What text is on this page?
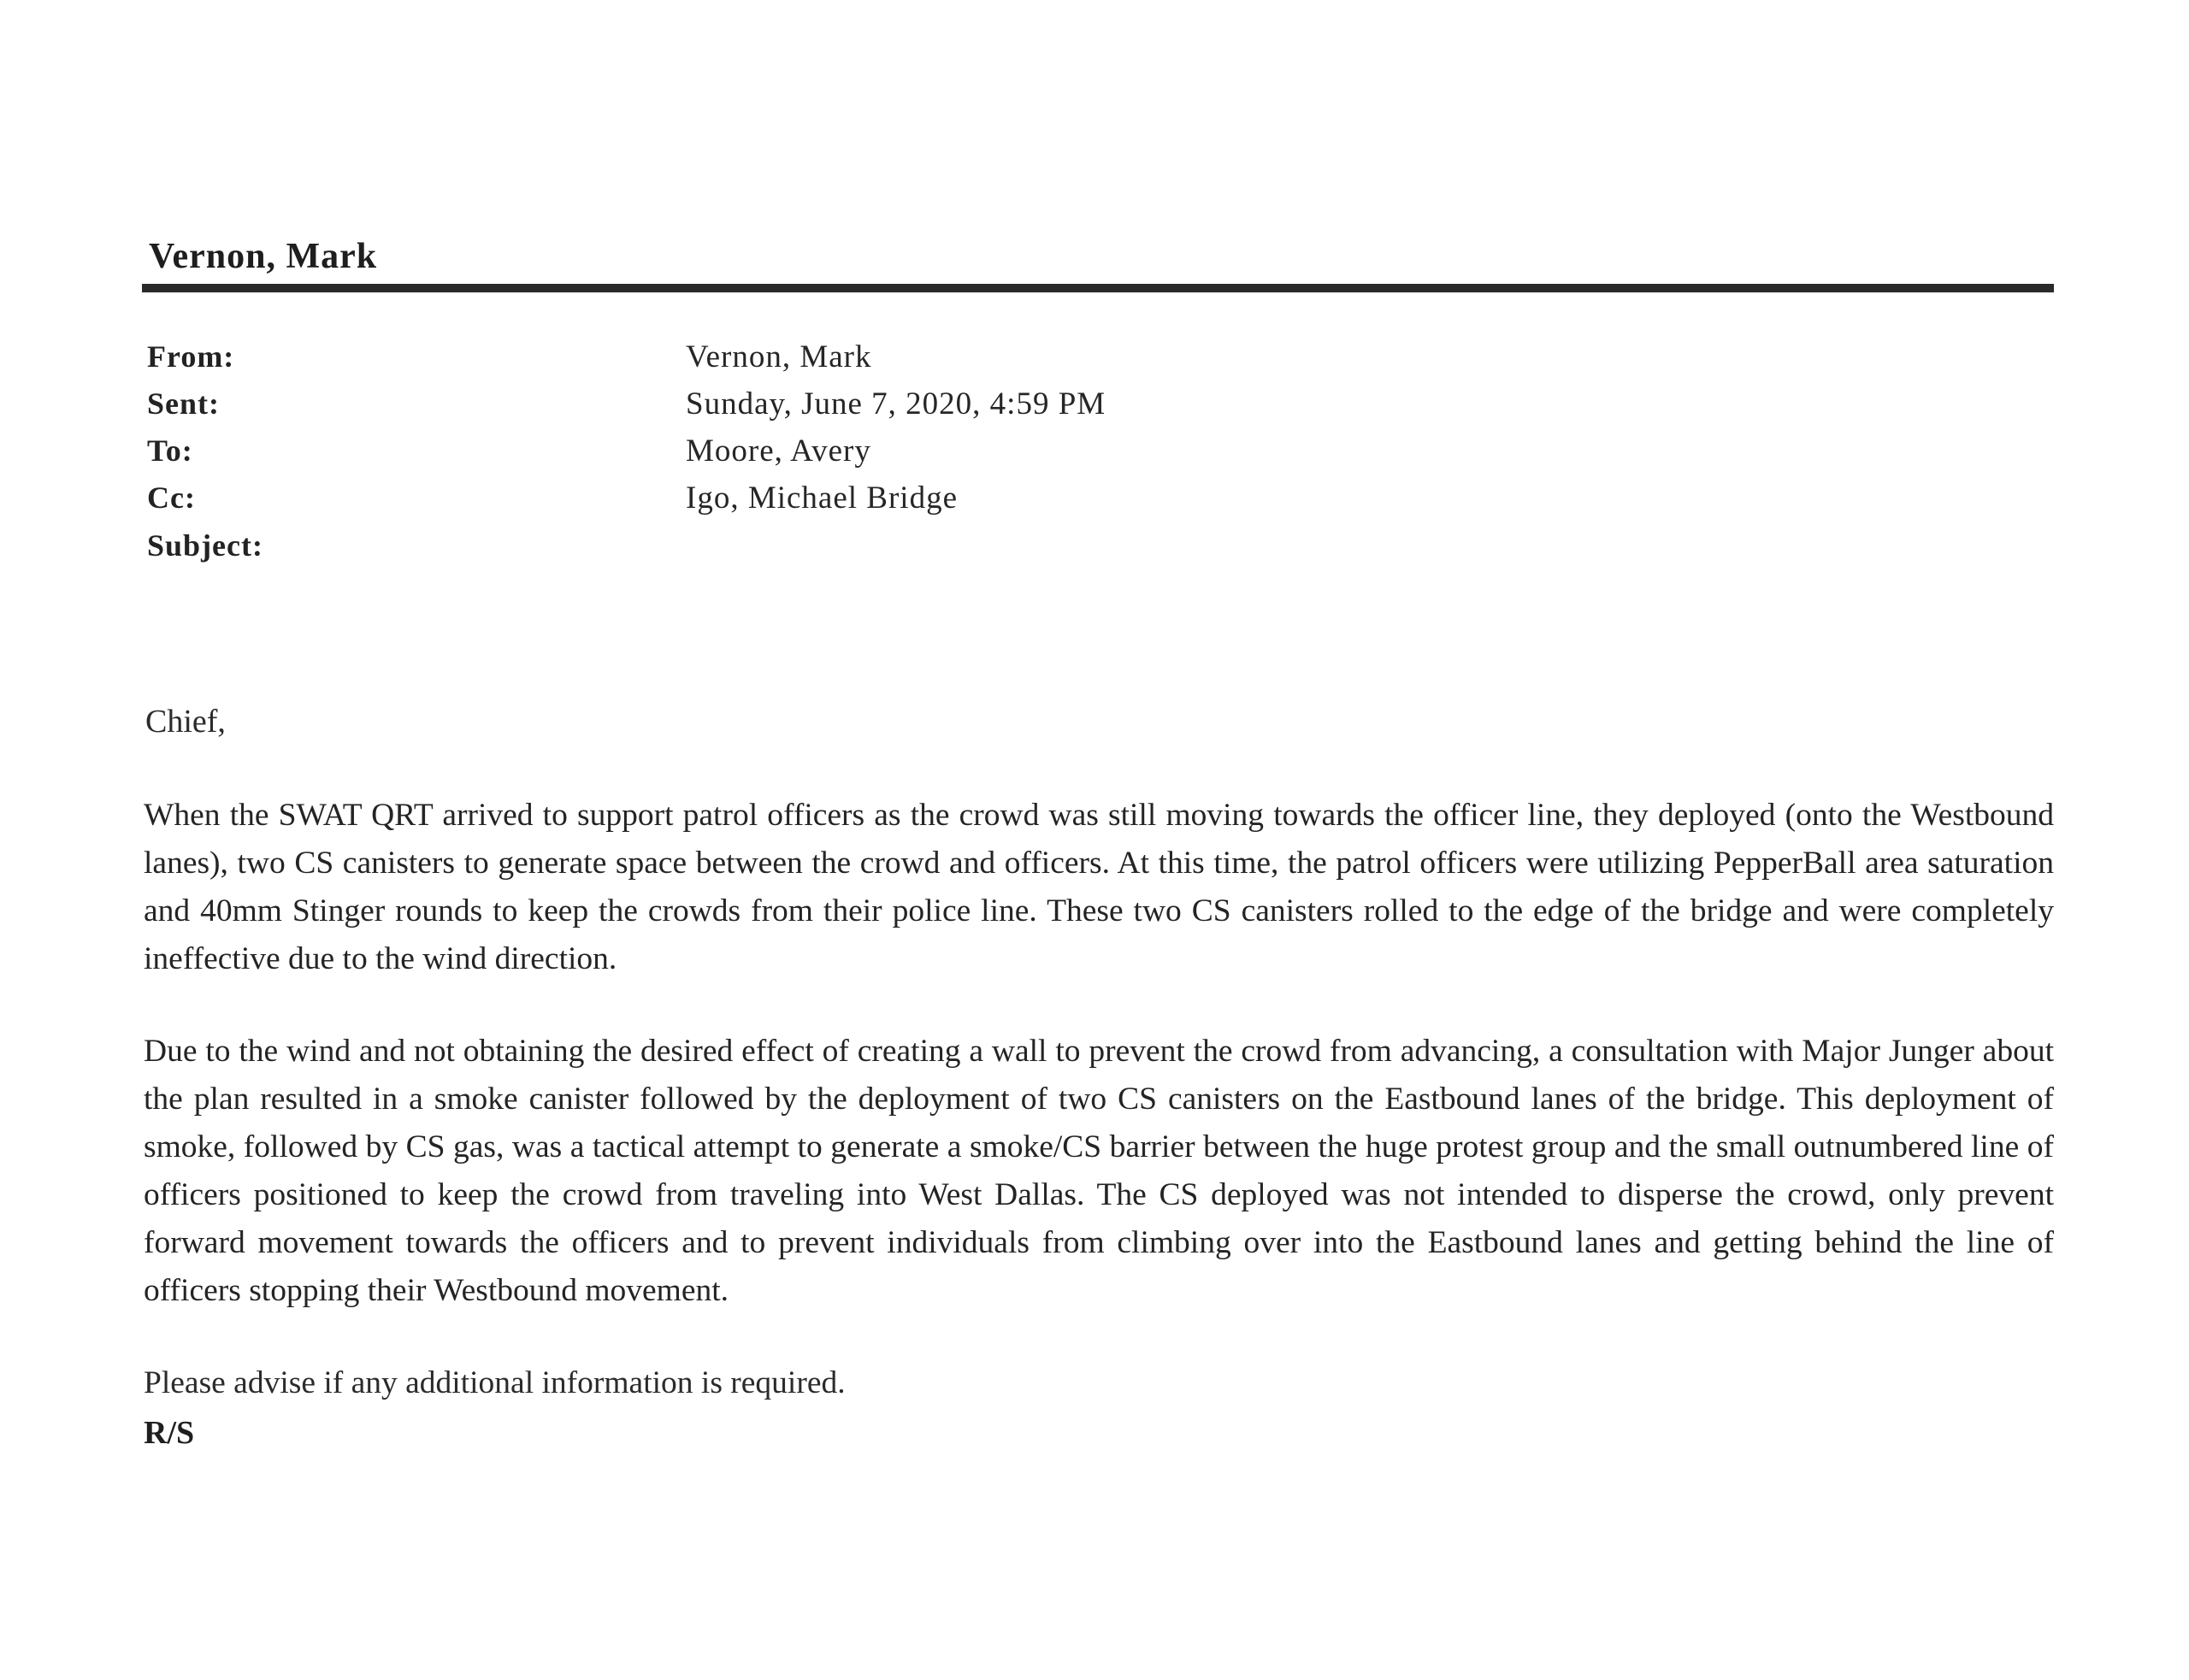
Vernon, Mark
From:	Vernon, Mark
Sent:	Sunday, June 7, 2020, 4:59 PM
To:	Moore, Avery
Cc:	Igo, Michael Bridge
Subject:
Chief,

When the SWAT QRT arrived to support patrol officers as the crowd was still moving towards the officer line, they deployed (onto the Westbound lanes), two CS canisters to generate space between the crowd and officers. At this time, the patrol officers were utilizing PepperBall area saturation and 40mm Stinger rounds to keep the crowds from their police line. These two CS canisters rolled to the edge of the bridge and were completely ineffective due to the wind direction.

Due to the wind and not obtaining the desired effect of creating a wall to prevent the crowd from advancing, a consultation with Major Junger about the plan resulted in a smoke canister followed by the deployment of two CS canisters on the Eastbound lanes of the bridge. This deployment of smoke, followed by CS gas, was a tactical attempt to generate a smoke/CS barrier between the huge protest group and the small outnumbered line of officers positioned to keep the crowd from traveling into West Dallas. The CS deployed was not intended to disperse the crowd, only prevent forward movement towards the officers and to prevent individuals from climbing over into the Eastbound lanes and getting behind the line of officers stopping their Westbound movement.

Please advise if any additional information is required.
R/S
